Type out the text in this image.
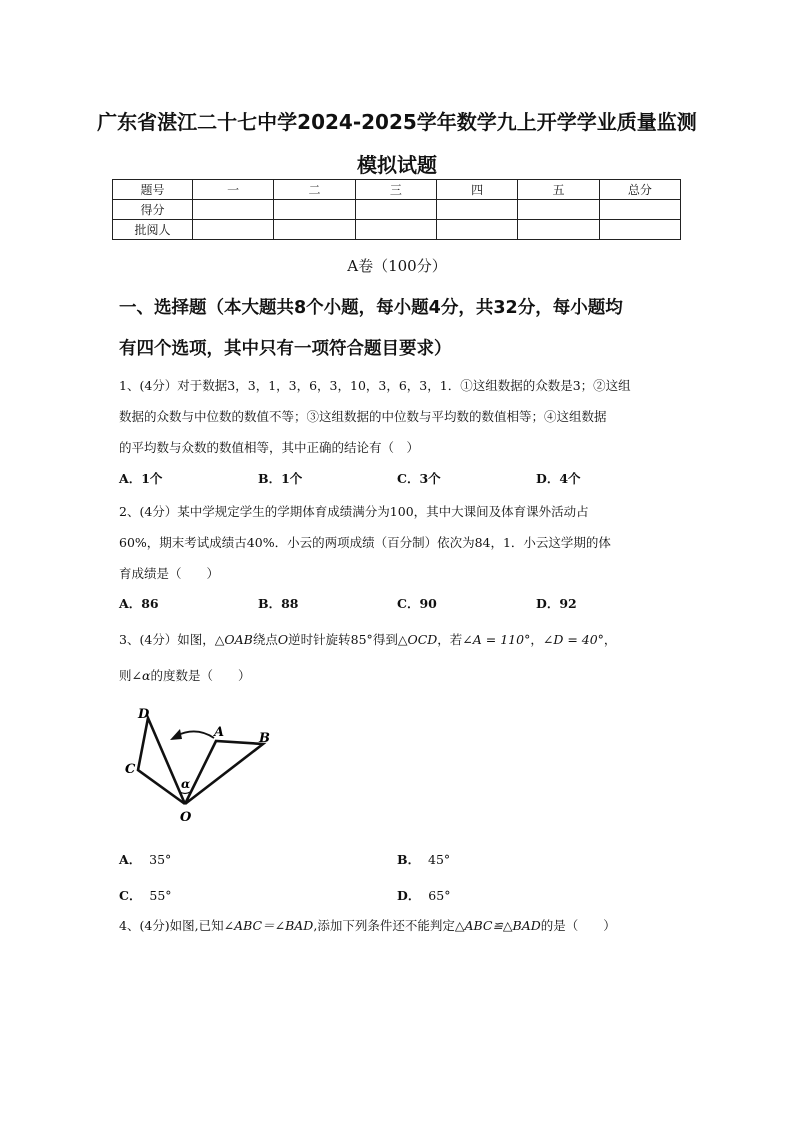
广东省湛江二十七中学2024-2025学年数学九上开学学业质量监测
模拟试题
题号	一	二	三	四	五	总分
得分						
批阅人						
A卷（100分）
一、选择题（本大题共8个小题，每小题4分，共32分，每小题均
有四个选项，其中只有一项符合题目要求）
1、(4分）对于数据3，3，1，3，6，3，10，3，6，3，1．①这组数据的众数是3；②这组
数据的众数与中位数的数值不等；③这组数据的中位数与平均数的数值相等；④这组数据
的平均数与众数的数值相等，其中正确的结论有（　）
A．1个	B．1个	C．3个	D．4个
2、(4分）某中学规定学生的学期体育成绩满分为100，其中大课间及体育课外活动占
60%，期末考试成绩古40%．小云的两项成绩（百分制）依次为84，1．小云这学期的体
育成绩是（　　）
A．86	B．88	C．90	D．92
3、(4分）如图，△OAB绕点O逆时针旋转85°得到△OCD，若∠A = 110°，∠D = 40°，
则∠α的度数是（　　）
D
A	B
C
α
O
A． 35°	B． 45°
C． 55°	D． 65°
4、(4分)如图,已知∠ABC＝∠BAD,添加下列条件还不能判定△ABC≌△BAD的是（　　）
